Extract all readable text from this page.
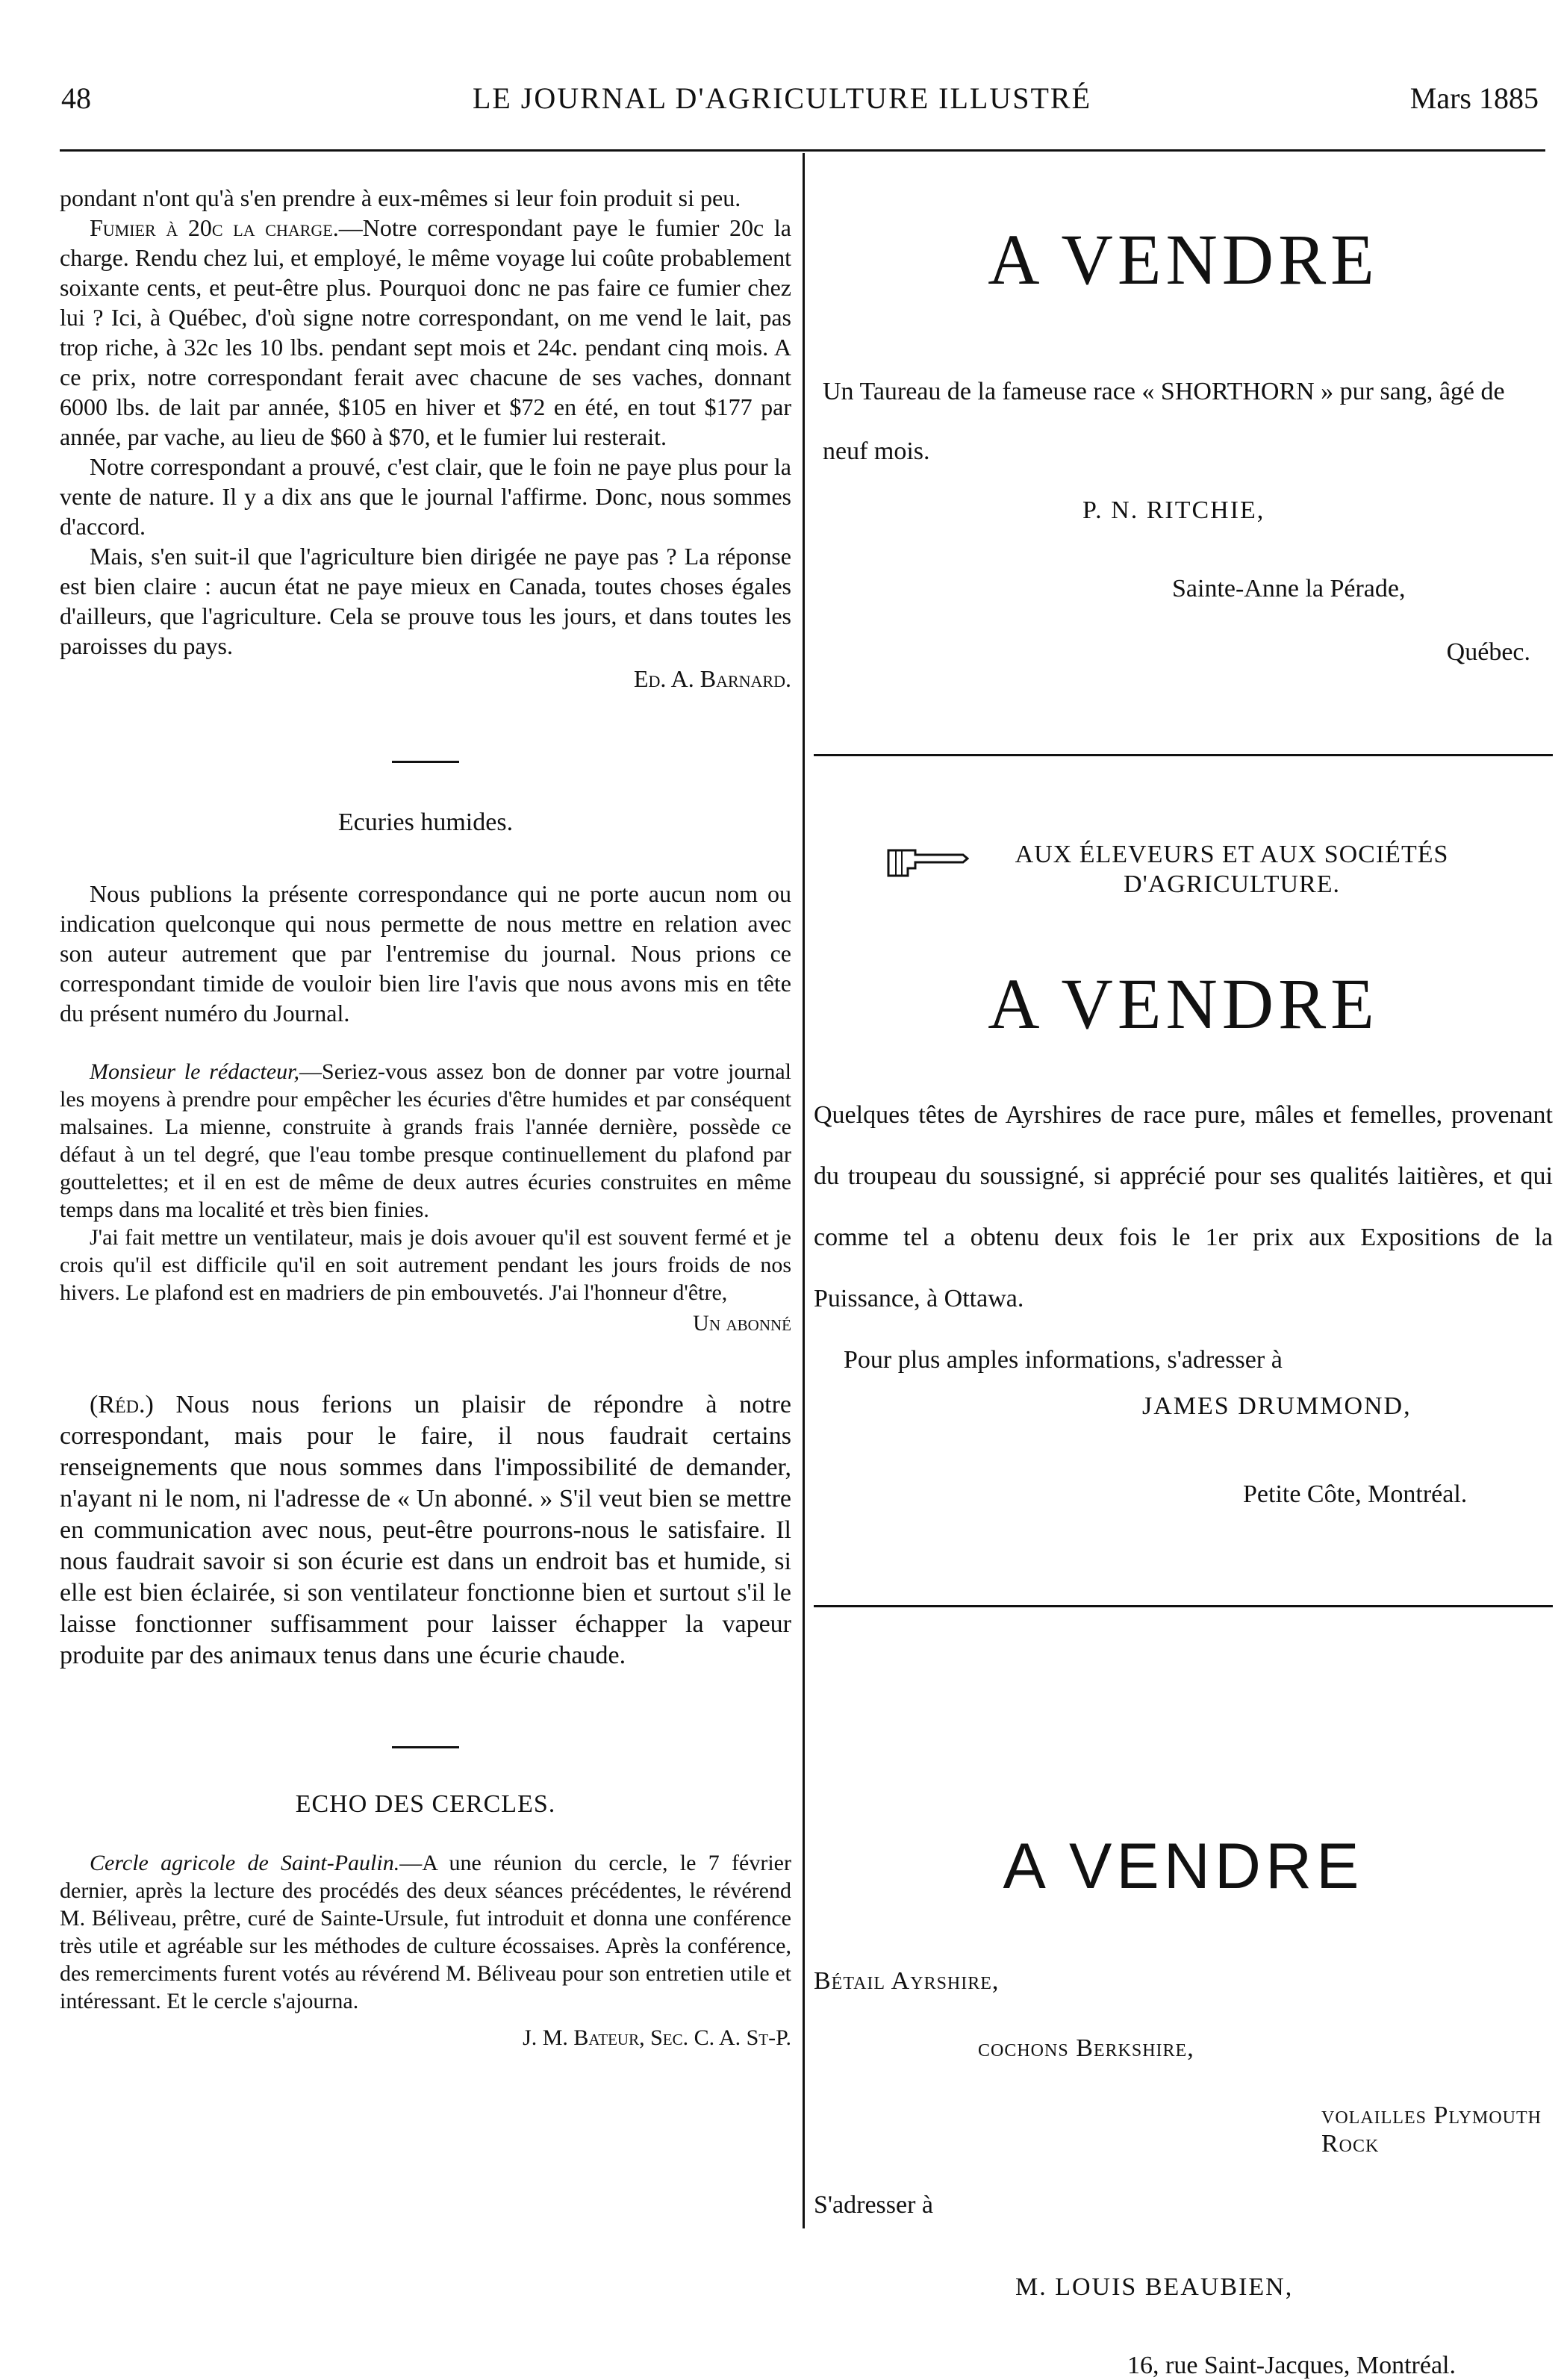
48	LE JOURNAL D'AGRICULTURE ILLUSTRÉ	Mars 1885

pondant n'ont qu'à s'en prendre à eux-mêmes si leur foin produit si peu.

Fumier à 20c la charge.—Notre correspondant paye le fumier 20c la charge. Rendu chez lui, et employé, le même voyage lui coûte probablement soixante cents, et peut-être plus. Pourquoi donc ne pas faire ce fumier chez lui ? Ici, à Québec, d'où signe notre correspondant, on me vend le lait, pas trop riche, à 32c les 10 lbs. pendant sept mois et 24c. pendant cinq mois. A ce prix, notre correspondant ferait avec chacune de ses vaches, donnant 6000 lbs. de lait par année, $105 en hiver et $72 en été, en tout $177 par année, par vache, au lieu de $60 à $70, et le fumier lui resterait.

Notre correspondant a prouvé, c'est clair, que le foin ne paye plus pour la vente de nature. Il y a dix ans que le journal l'affirme. Donc, nous sommes d'accord.

Mais, s'en suit-il que l'agriculture bien dirigée ne paye pas ? La réponse est bien claire : aucun état ne paye mieux en Canada, toutes choses égales d'ailleurs, que l'agriculture. Cela se prouve tous les jours, et dans toutes les paroisses du pays.

Ed. A. Barnard.
Ecuries humides.

Nous publions la présente correspondance qui ne porte aucun nom ou indication quelconque qui nous permette de nous mettre en relation avec son auteur autrement que par l'entremise du journal. Nous prions ce correspondant timide de vouloir bien lire l'avis que nous avons mis en tête du présent numéro du Journal.

Monsieur le rédacteur,—Seriez-vous assez bon de donner par votre journal les moyens à prendre pour empêcher les écuries d'être humides et par conséquent malsaines. La mienne, construite à grands frais l'année dernière, possède ce défaut à un tel degré, que l'eau tombe presque continuellement du plafond par gouttelettes; et il en est de même de deux autres écuries construites en même temps dans ma localité et très bien finies.

J'ai fait mettre un ventilateur, mais je dois avouer qu'il est souvent fermé et je crois qu'il est difficile qu'il en soit autrement pendant les jours froids de nos hivers. Le plafond est en madriers de pin embouvetés. J'ai l'honneur d'être,

Un abonné

(Réd.) Nous nous ferions un plaisir de répondre à notre correspondant, mais pour le faire, il nous faudrait certains renseignements que nous sommes dans l'impossibilité de demander, n'ayant ni le nom, ni l'adresse de « Un abonné. » S'il veut bien se mettre en communication avec nous, peut-être pourrons-nous le satisfaire. Il nous faudrait savoir si son écurie est dans un endroit bas et humide, si elle est bien éclairée, si son ventilateur fonctionne bien et surtout s'il le laisse fonctionner suffisamment pour laisser échapper la vapeur produite par des animaux tenus dans une écurie chaude.

ECHO DES CERCLES.

Cercle agricole de Saint-Paulin.—A une réunion du cercle, le 7 février dernier, après la lecture des procédés des deux séances précédentes, le révérend M. Béliveau, prêtre, curé de Sainte-Ursule, fut introduit et donna une conférence très utile et agréable sur les méthodes de culture écossaises. Après la conférence, des remerciments furent votés au révérend M. Béliveau pour son entretien utile et intéressant. Et le cercle s'ajourna.

J. M. Bateur, Sec. C. A. St-P.
A VENDRE
Un Taureau de la fameuse race « SHORTHORN » pur sang, âgé de neuf mois.
P. N. RITCHIE,
Sainte-Anne la Pérade,
Québec.
AUX ÉLEVEURS ET AUX SOCIÉTÉS
D'AGRICULTURE.
A VENDRE

Quelques têtes de Ayrshires de race pure, mâles et femelles, provenant du troupeau du soussigné, si apprécié pour ses qualités laitières, et qui comme tel a obtenu deux fois le 1er prix aux Expositions de la Puissance, à Ottawa.

Pour plus amples informations, s'adresser à

JAMES DRUMMOND,
Petite Côte, Montréal.
A VENDRE
Bétail Ayrshire,
cochons Berkshire,
volailles Plymouth Rock
S'adresser à
M. LOUIS BEAUBIEN,
16, rue Saint-Jacques, Montréal.
